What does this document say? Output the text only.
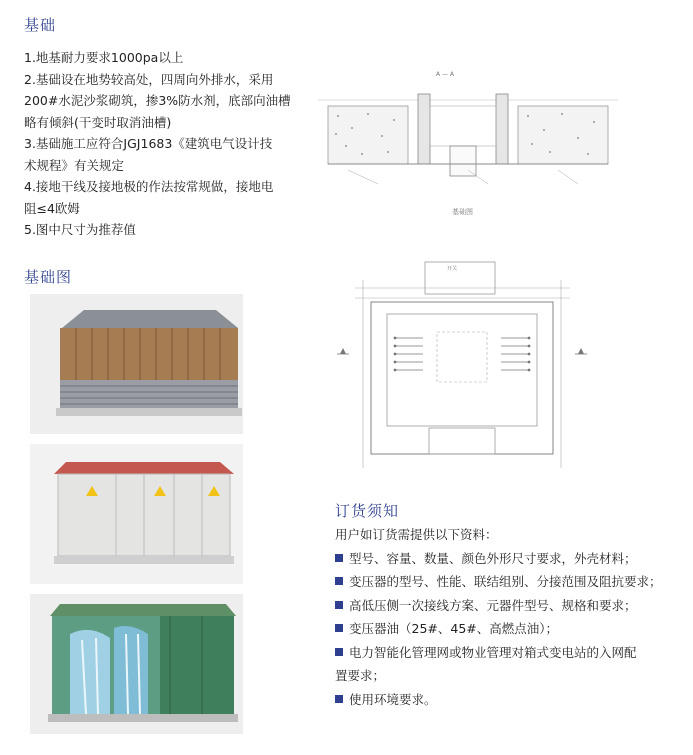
基础
1.地基耐力要求1000pa以上
2.基础设在地势较高处，四周向外排水，采用
200#水泥沙浆砌筑，掺3%防水剂，底部向油槽
略有倾斜(干变时取消油槽)
3.基础施工应符合JGJ1683《建筑电气设计技
术规程》有关规定
4.接地干线及接地极的作法按常规做，接地电
阻≤4欧姆
5.图中尺寸为推荐值
A — A
基础图
基础图	开关
订货须知
用户如订货需提供以下资料：
型号、容量、数量、颜色外形尺寸要求，外壳材料；
变压器的型号、性能、联结组别、分接范围及阻抗要求；
高低压侧一次接线方案、元器件型号、规格和要求；
变压器油（25#、45#、高燃点油）；
电力智能化管理网或物业管理对箱式变电站的入网配
置要求；
使用环境要求。
